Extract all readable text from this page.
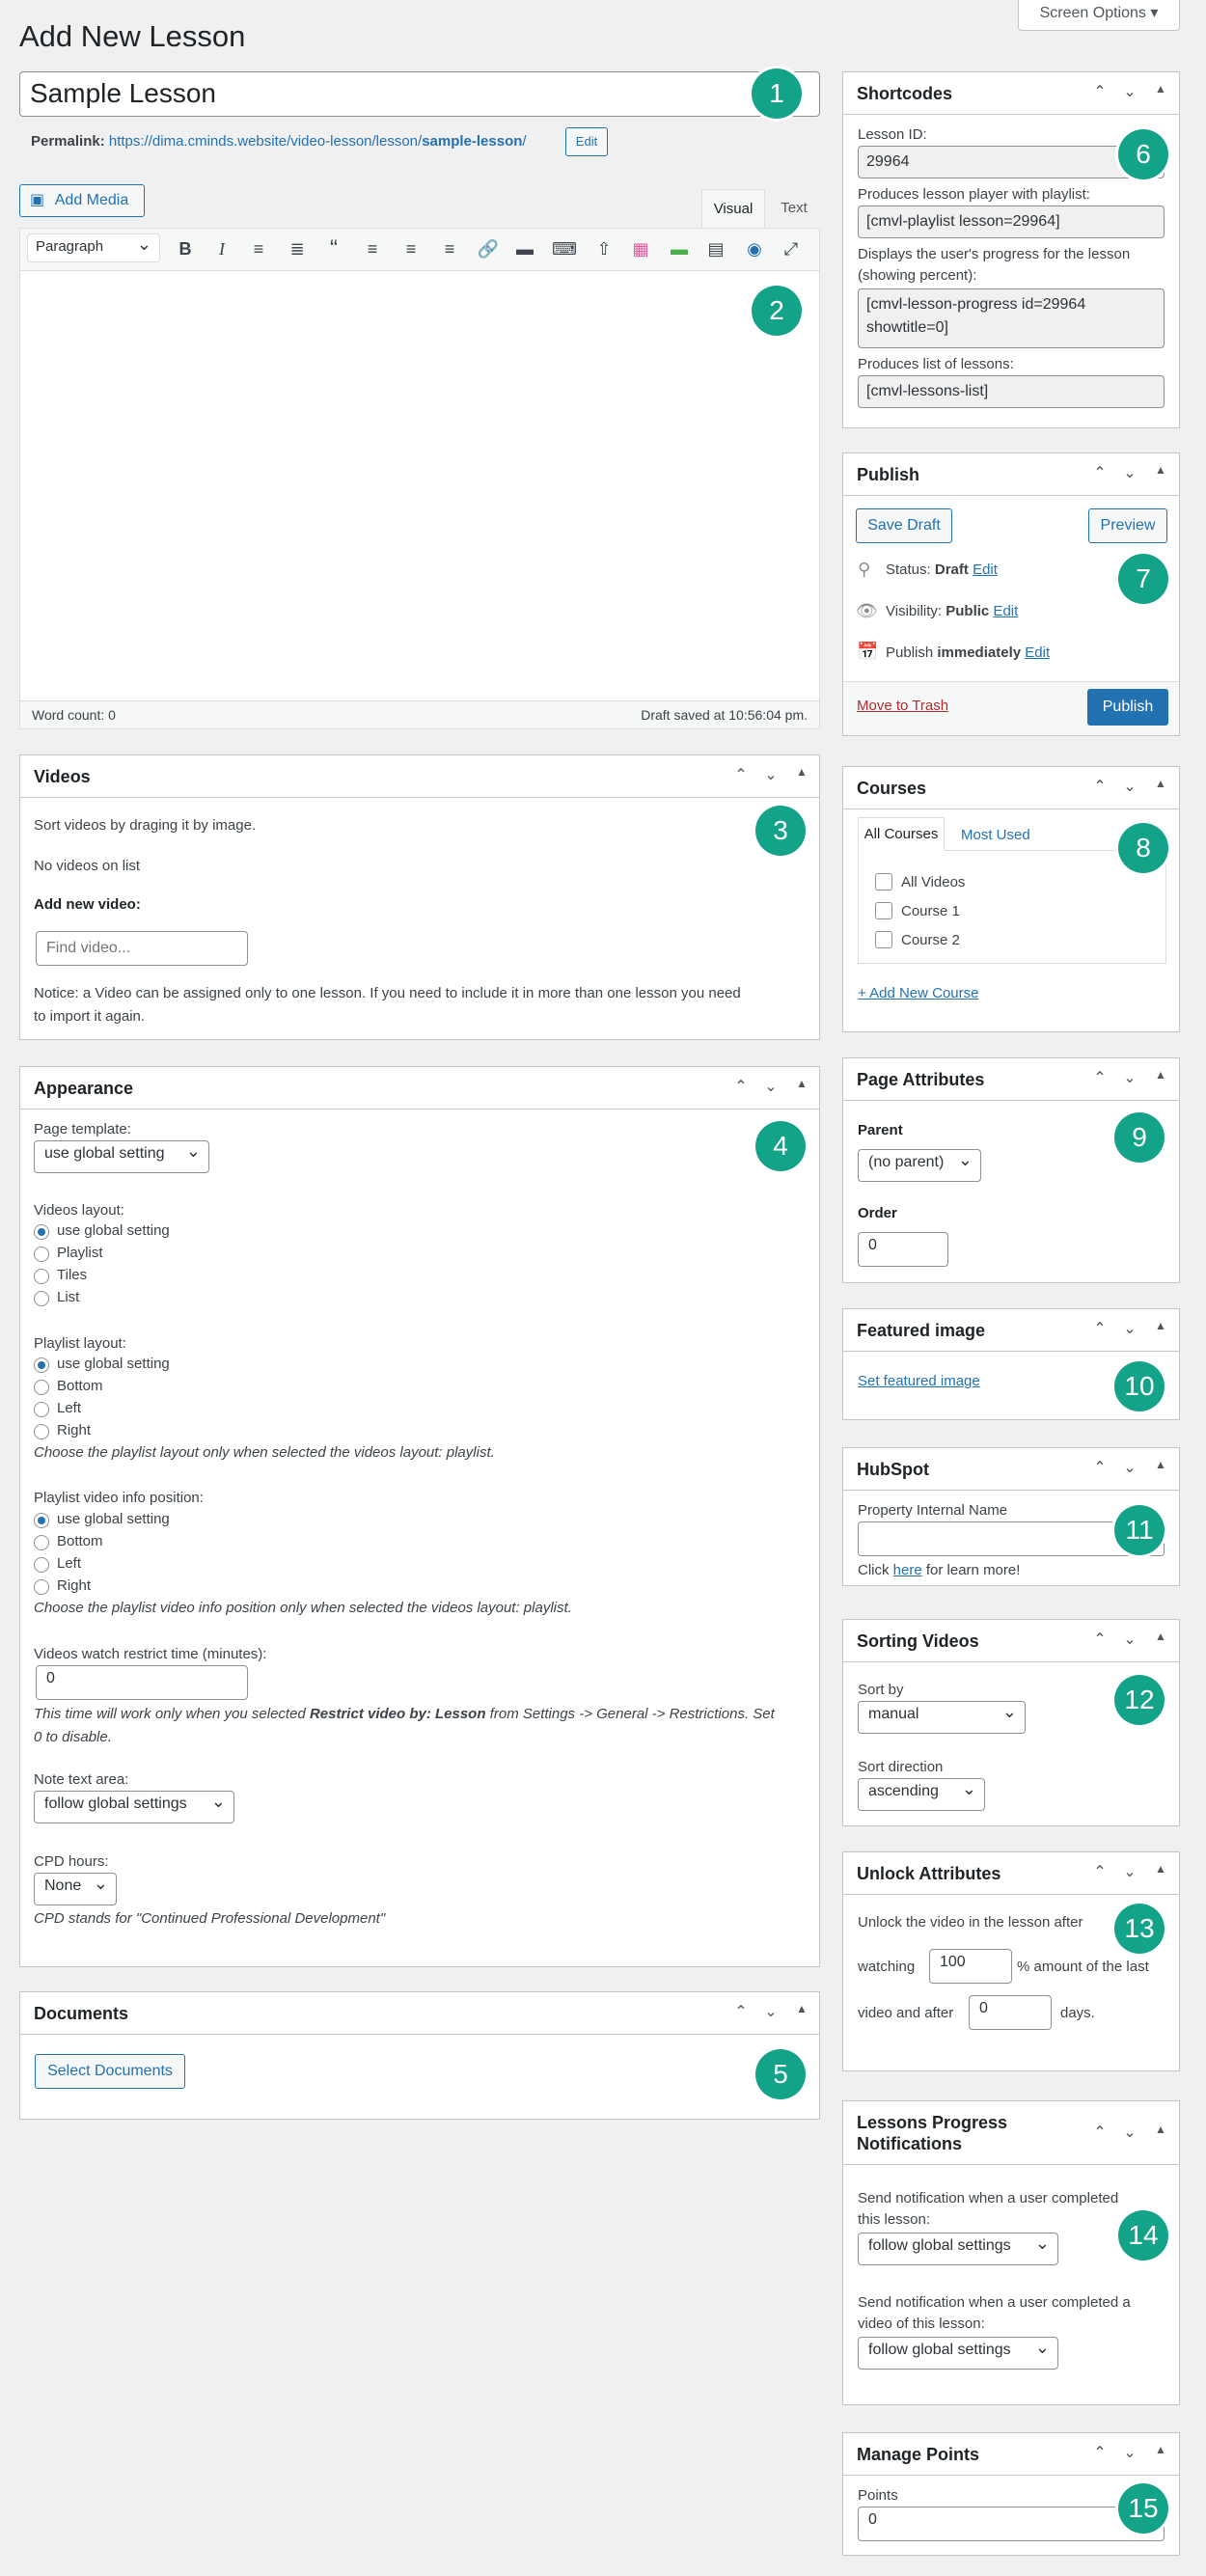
Add New Lesson
Screen Options ▾
Sample Lesson
Permalink: https://dima.cminds.website/video-lesson/lesson/sample-lesson/	Edit
▣ Add Media
Visual	Text
Paragraph ⌄	B	I	≡	≣	“	≡	≡	≡	🔗 ▬ ⌨ ⇧ ▦ ▬ ▤ ◉ ⤢
Word count: 0	Draft saved at 10:56:04 pm.
Videos	⌃	⌄	▲
Sort videos by draging it by image.
No videos on list
Add new video:
Find video...
Notice: a Video can be assigned only to one lesson. If you need to include it in more than one lesson you need
to import it again.
Appearance	⌃	⌄	▲
Page template:
use global setting ⌄
Videos layout:
use global setting
Playlist
Tiles
List
Playlist layout:
use global setting
Bottom
Left
Right
Choose the playlist layout only when selected the videos layout: playlist.
Playlist video info position:
use global setting
Bottom
Left
Right
Choose the playlist video info position only when selected the videos layout: playlist.
Videos watch restrict time (minutes):
0
This time will work only when you selected Restrict video by: Lesson from Settings -> General -> Restrictions. Set
0 to disable.
Note text area:
follow global settings ⌄
CPD hours:
None ⌄
CPD stands for "Continued Professional Development"
Documents	⌃	⌄	▲
Select Documents
Shortcodes	⌃	⌄	▲
Lesson ID:
29964
Produces lesson player with playlist:
[cmvl-playlist lesson=29964]
Displays the user's progress for the lesson
(showing percent):
[cmvl-lesson-progress id=29964
showtitle=0]
Produces list of lessons:
[cmvl-lessons-list]
Publish	⌃	⌄	▲
Save Draft	Preview
⚲ Status: Draft Edit
👁 Visibility: Public Edit
📅 Publish immediately Edit
Move to Trash	Publish
Courses	⌃	⌄	▲
All Courses	Most Used
All Videos
Course 1
Course 2
+ Add New Course
Page Attributes	⌃	⌄	▲
Parent
(no parent) ⌄
Order
0
Featured image	⌃	⌄	▲
Set featured image
HubSpot	⌃	⌄	▲
Property Internal Name
Click here for learn more!
Sorting Videos	⌃	⌄	▲
Sort by
manual ⌄
Sort direction
ascending ⌄
Unlock Attributes	⌃	⌄	▲
Unlock the video in the lesson after
watching	100	% amount of the last
video and after	0	days.
Lessons Progress
Notifications
⌃	⌄	▲
Send notification when a user completed
this lesson:
follow global settings ⌄
Send notification when a user completed a
video of this lesson:
follow global settings ⌄
Manage Points	⌃	⌄	▲
Points
0
1
2
3
4
5
6
7
8
9
10
11
12
13
14
15
